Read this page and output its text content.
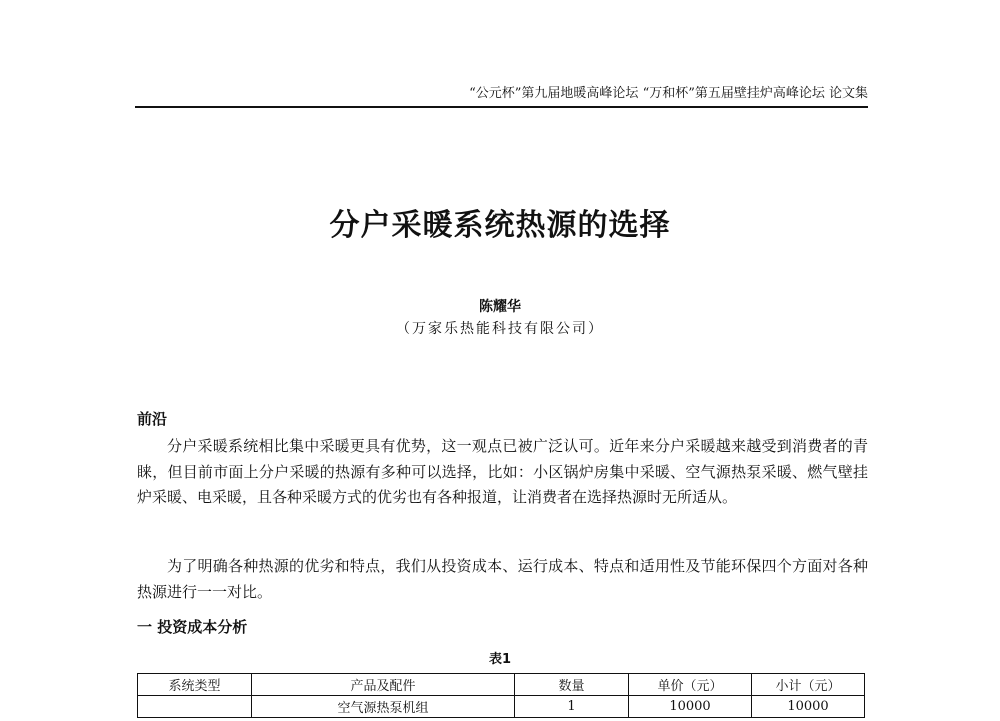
“公元杯”第九届地暖高峰论坛 “万和杯”第五届壁挂炉高峰论坛 论文集
分户采暖系统热源的选择
陈耀华
（万家乐热能科技有限公司）
前沿

分户采暖系统相比集中采暖更具有优势，这一观点已被广泛认可。近年来分户采暖越来越受到消费者的青睐，但目前市面上分户采暖的热源有多种可以选择，比如：小区锅炉房集中采暖、空气源热泵采暖、燃气壁挂炉采暖、电采暖，且各种采暖方式的优劣也有各种报道，让消费者在选择热源时无所适从。

为了明确各种热源的优劣和特点，我们从投资成本、运行成本、特点和适用性及节能环保四个方面对各种热源进行一一对比。

一 投资成本分析
表1
系统类型	产品及配件	数量	单价（元）	小计（元）
	空气源热泵机组	1	10000	10000
